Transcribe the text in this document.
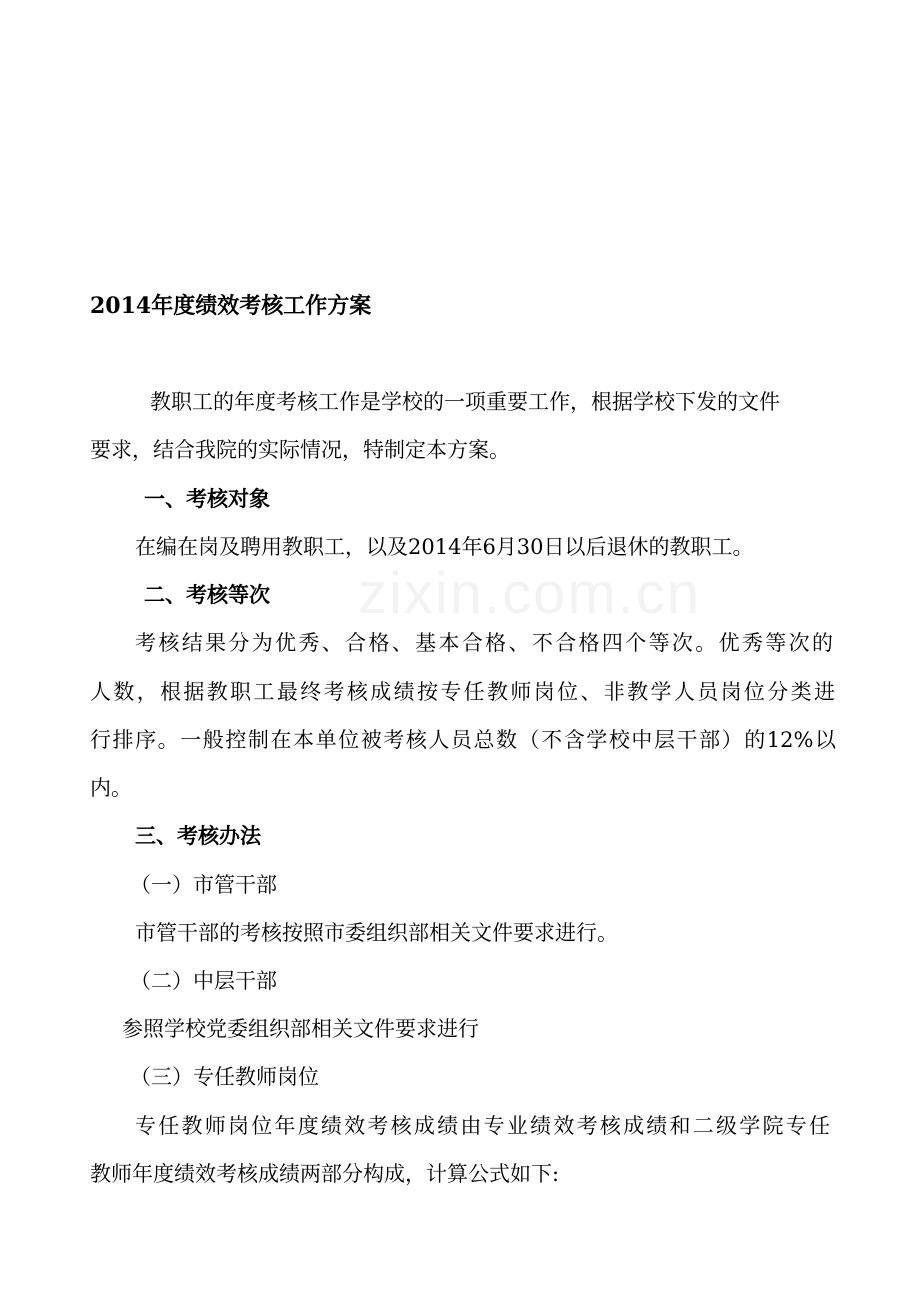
zixin.com.cn
2014年度绩效考核工作方案
教职工的年度考核工作是学校的一项重要工作，根据学校下发的文件
要求，结合我院的实际情况，特制定本方案。
一、考核对象
在编在岗及聘用教职工，以及2014年6月30日以后退休的教职工。
二、考核等次
考核结果分为优秀、合格、基本合格、不合格四个等次。优秀等次的
人数，根据教职工最终考核成绩按专任教师岗位、非教学人员岗位分类进
行排序。一般控制在本单位被考核人员总数（不含学校中层干部）的12%以
内。
三、考核办法
（一）市管干部
市管干部的考核按照市委组织部相关文件要求进行。
（二）中层干部
参照学校党委组织部相关文件要求进行
（三）专任教师岗位
专任教师岗位年度绩效考核成绩由专业绩效考核成绩和二级学院专任
教师年度绩效考核成绩两部分构成，计算公式如下:
